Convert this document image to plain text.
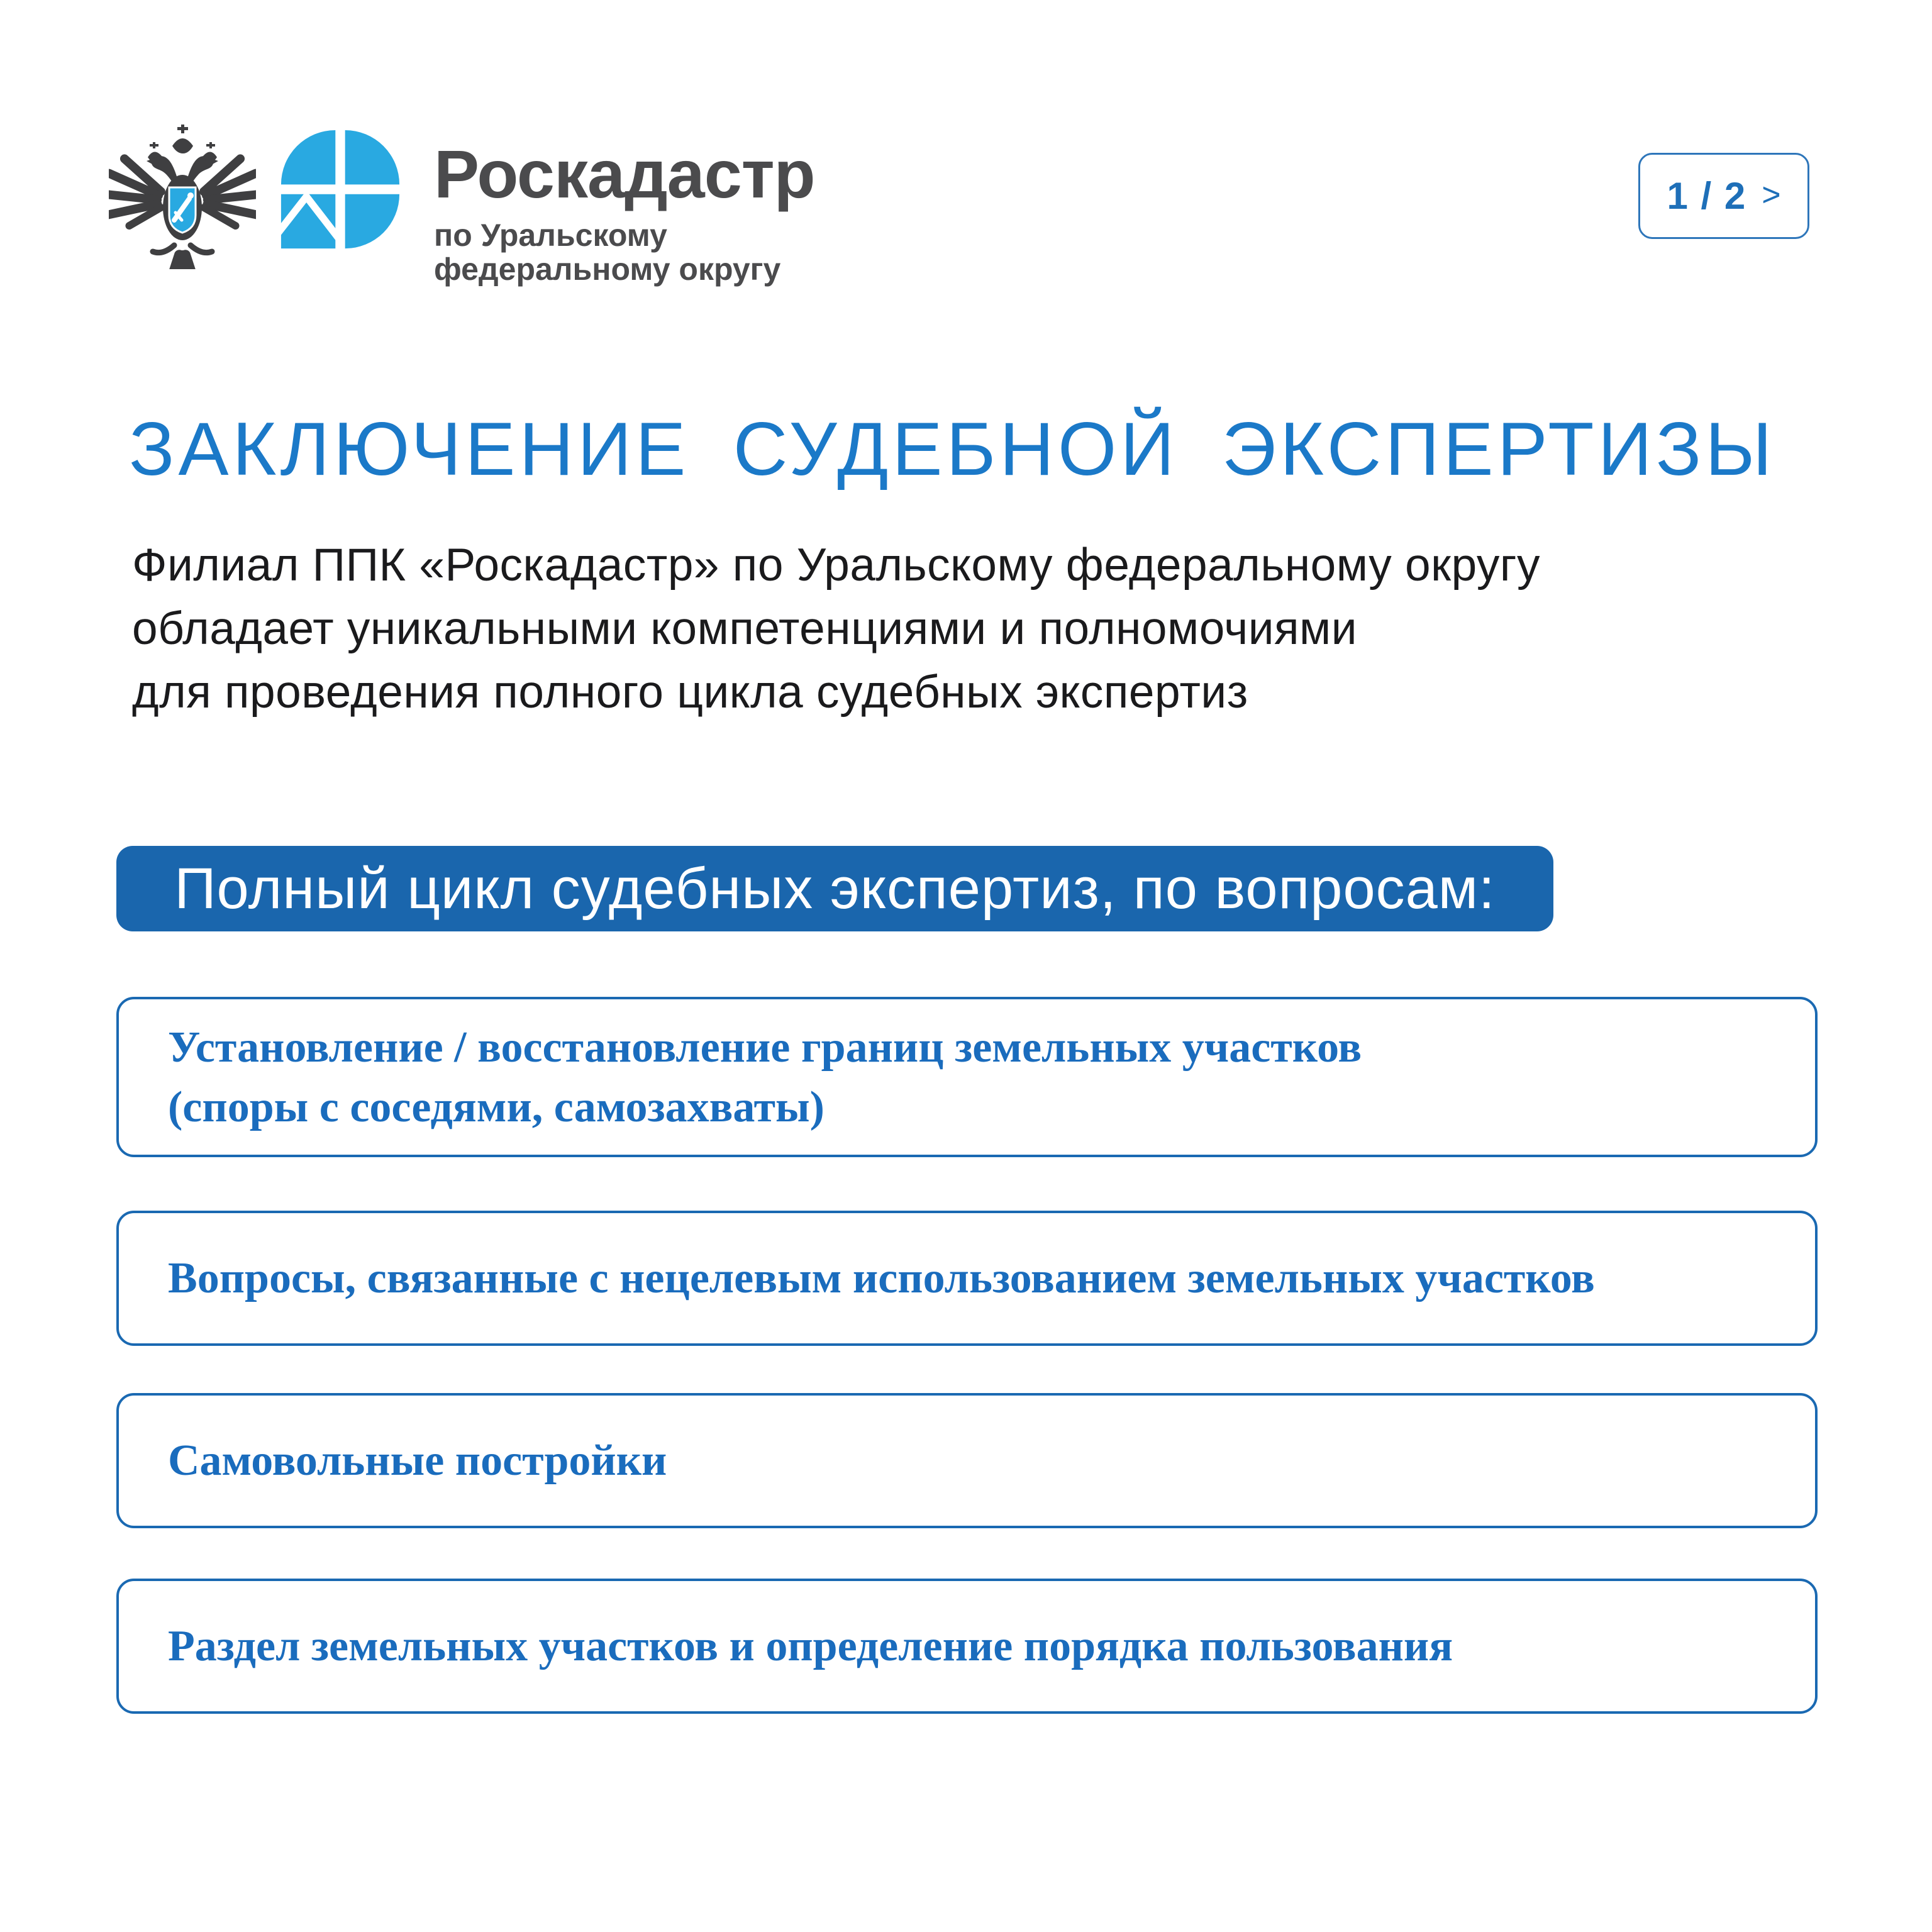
Роскадастр
по Уральскому
федеральному округу
1 / 2 >
ЗАКЛЮЧЕНИЕ СУДЕБНОЙ ЭКСПЕРТИЗЫ
Филиал ППК «Роскадастр» по Уральскому федеральному округу
обладает уникальными компетенциями и полномочиями
для проведения полного цикла судебных экспертиз
Полный цикл судебных экспертиз, по вопросам:
Установление / восстановление границ земельных участков
(споры с соседями, самозахваты)
Вопросы, связанные с нецелевым использованием земельных участков
Самовольные постройки
Раздел земельных участков и определение порядка пользования
